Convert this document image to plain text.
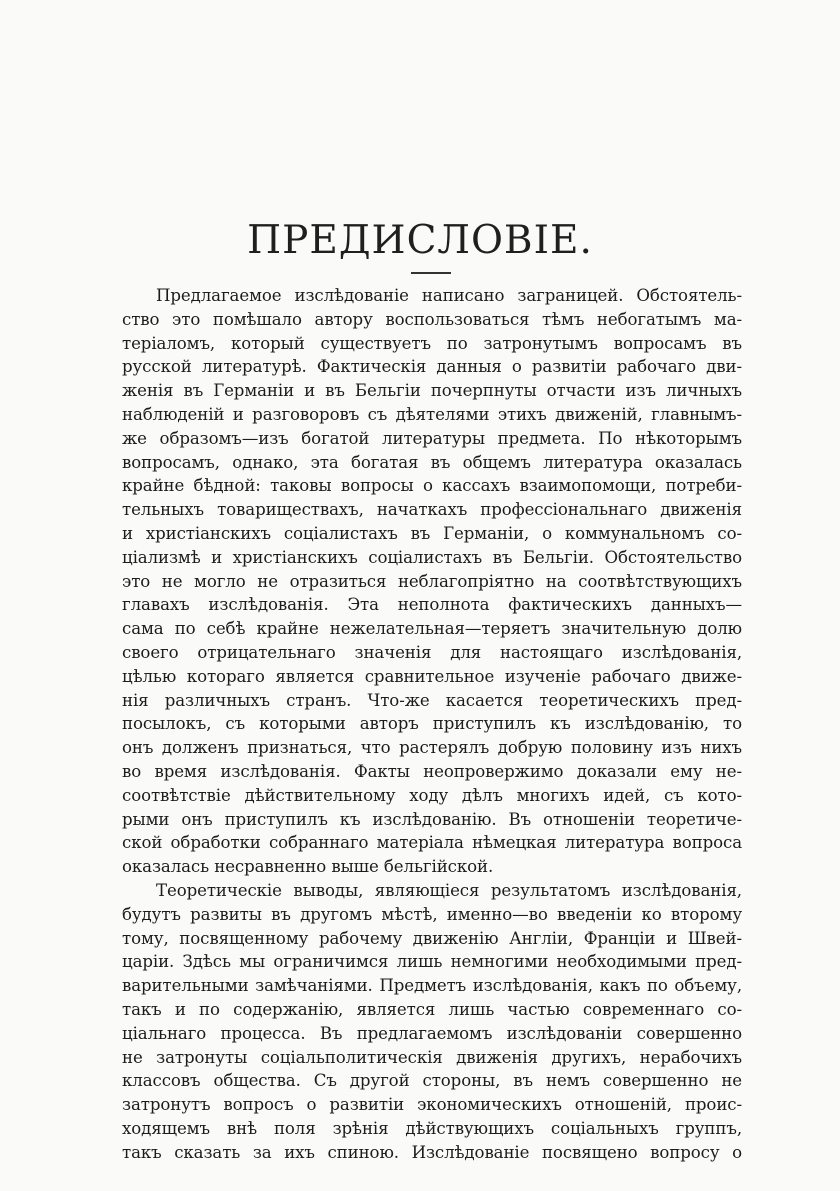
ПРЕДИСЛОВІЕ.
Предлагаемое изслѣдованіе написано заграницей. Обстоятель-
ство это помѣшало автору воспользоваться тѣмъ небогатымъ ма-
теріаломъ, который существуетъ по затронутымъ вопросамъ въ
русской литературѣ. Фактическія данныя о развитіи рабочаго дви-
женія въ Германіи и въ Бельгіи почерпнуты отчасти изъ личныхъ
наблюденій и разговоровъ съ дѣятелями этихъ движеній, главнымъ-
же образомъ—изъ богатой литературы предмета. По нѣкоторымъ
вопросамъ, однако, эта богатая въ общемъ литература оказалась
крайне бѣдной: таковы вопросы о кассахъ взаимопомощи, потреби-
тельныхъ товариществахъ, начаткахъ профессіональнаго движенія
и христіанскихъ соціалистахъ въ Германіи, о коммунальномъ со-
ціализмѣ и христіанскихъ соціалистахъ въ Бельгіи. Обстоятельство
это не могло не отразиться неблагопріятно на соотвѣтствующихъ
главахъ изслѣдованія. Эта неполнота фактическихъ данныхъ—
сама по себѣ крайне нежелательная—теряетъ значительную долю
своего отрицательнаго значенія для настоящаго изслѣдованія,
цѣлью котораго является сравнительное изученіе рабочаго движе-
нія различныхъ странъ. Что-же касается теоретическихъ пред-
посылокъ, съ которыми авторъ приступилъ къ изслѣдованію, то
онъ долженъ признаться, что растерялъ добрую половину изъ нихъ
во время изслѣдованія. Факты неопровержимо доказали ему не-
соотвѣтствіе дѣйствительному ходу дѣлъ многихъ идей, съ кото-
рыми онъ приступилъ къ изслѣдованію. Въ отношеніи теоретиче-
ской обработки собраннаго матеріала нѣмецкая литература вопроса
оказалась несравненно выше бельгійской.
Теоретическіе выводы, являющіеся результатомъ изслѣдованія,
будутъ развиты въ другомъ мѣстѣ, именно—во введеніи ко второму
тому, посвященному рабочему движенію Англіи, Франціи и Швей-
царіи. Здѣсь мы ограничимся лишь немногими необходимыми пред-
варительными замѣчаніями. Предметъ изслѣдованія, какъ по объему,
такъ и по содержанію, является лишь частью современнаго со-
ціальнаго процесса. Въ предлагаемомъ изслѣдованіи совершенно
не затронуты соціальполитическія движенія другихъ, нерабочихъ
классовъ общества. Съ другой стороны, въ немъ совершенно не
затронутъ вопросъ о развитіи экономическихъ отношеній, проис-
ходящемъ внѣ поля зрѣнія дѣйствующихъ соціальныхъ группъ,
такъ сказать за ихъ спиною. Изслѣдованіе посвящено вопросу о
